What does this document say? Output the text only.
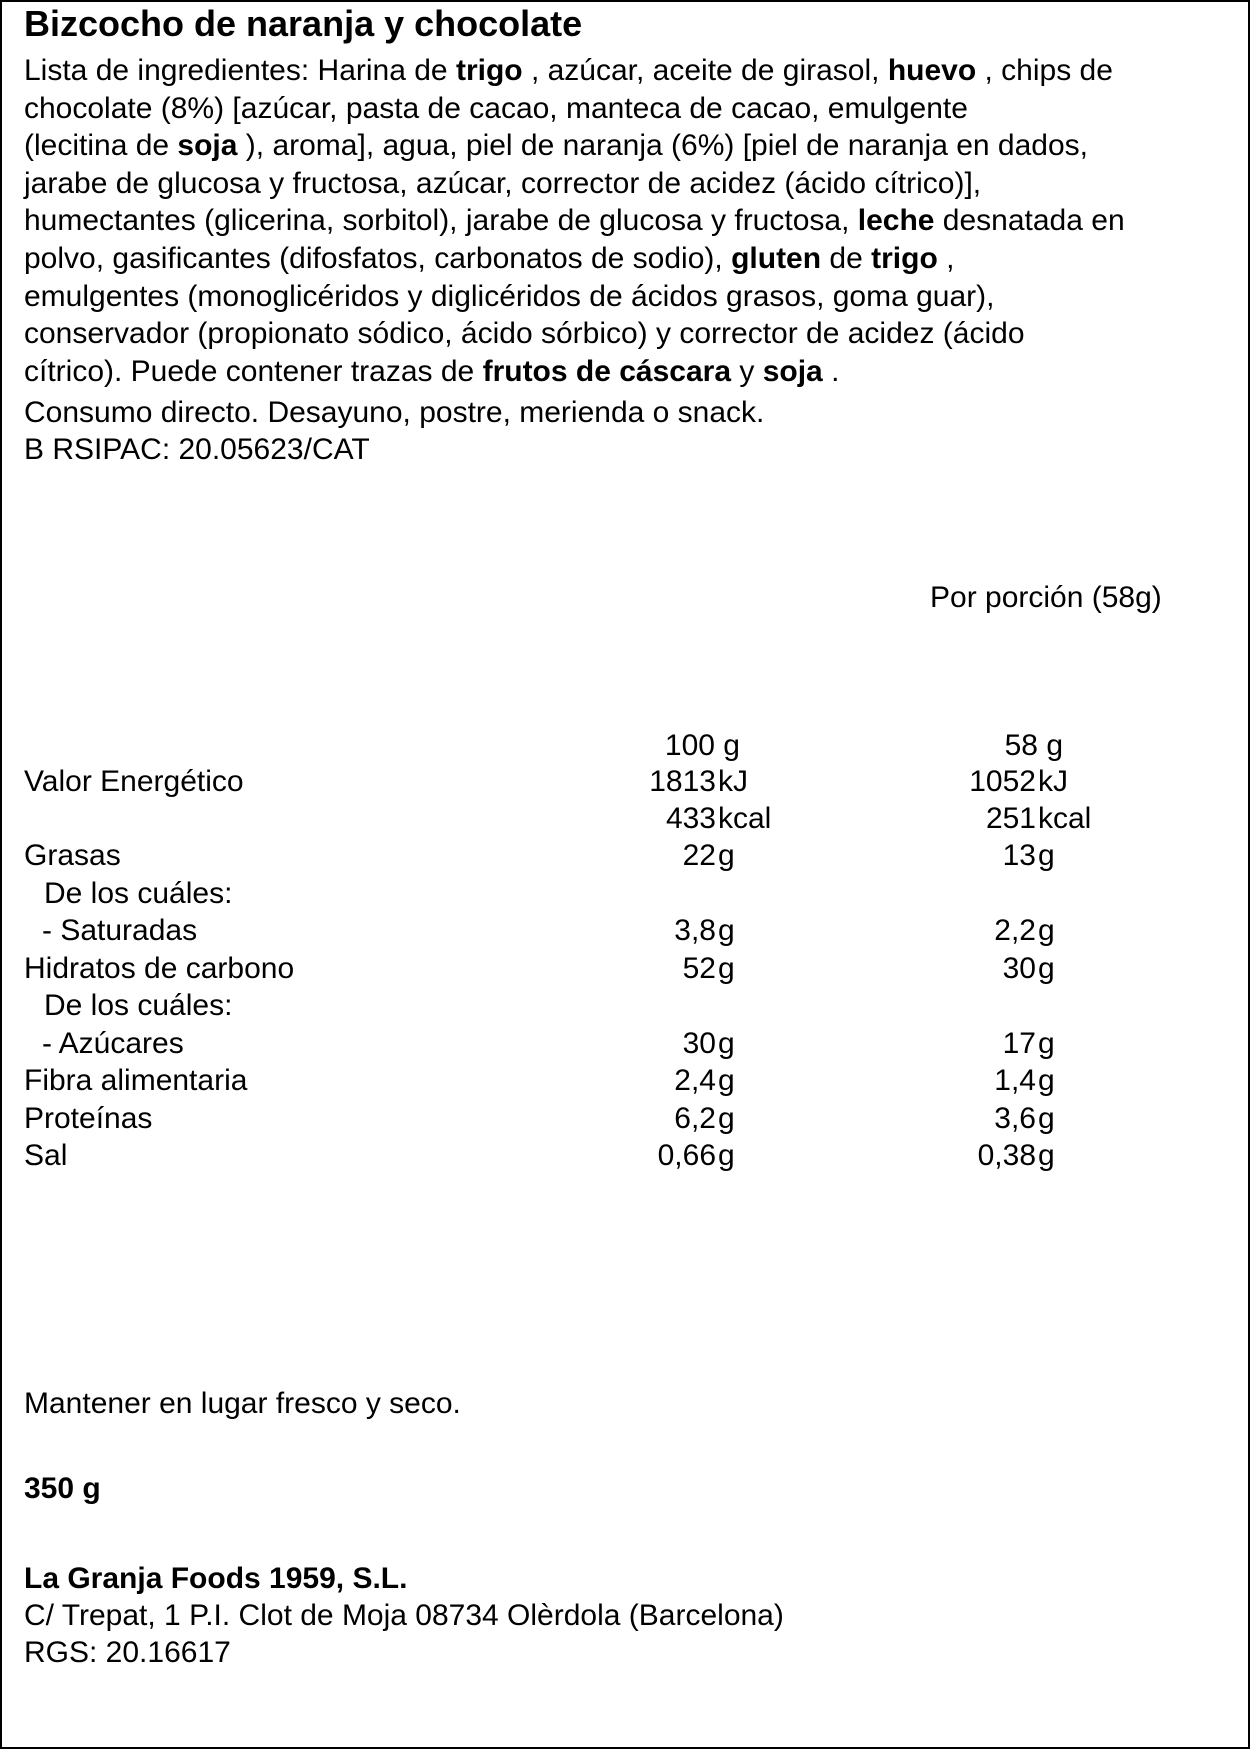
Bizcocho de naranja y chocolate
Lista de ingredientes: Harina de trigo , azúcar, aceite de girasol, huevo , chips de
chocolate (8%) [azúcar, pasta de cacao, manteca de cacao, emulgente
(lecitina de soja ), aroma], agua, piel de naranja (6%) [piel de naranja en dados,
jarabe de glucosa y fructosa, azúcar, corrector de acidez (ácido cítrico)],
humectantes (glicerina, sorbitol), jarabe de glucosa y fructosa, leche desnatada en
polvo, gasificantes (difosfatos, carbonatos de sodio), gluten de trigo ,
emulgentes (monoglicéridos y diglicéridos de ácidos grasos, goma guar),
conservador (propionato sódico, ácido sórbico) y corrector de acidez (ácido
cítrico). Puede contener trazas de frutos de cáscara y soja .
Consumo directo. Desayuno, postre, merienda o snack.
B RSIPAC: 20.05623/CAT
Por porción (58g)
100 g	58 g
Valor Energético	1813 kJ	1052 kJ
433 kcal	251 kcal
Grasas	22 g	13 g
De los cuáles:
- Saturadas	3,8 g	2,2 g
Hidratos de carbono	52 g	30 g
De los cuáles:
- Azúcares	30 g	17 g
Fibra alimentaria	2,4 g	1,4 g
Proteínas	6,2 g	3,6 g
Sal	0,66 g	0,38 g
Mantener en lugar fresco y seco.
350 g
La Granja Foods 1959, S.L.
C/ Trepat, 1 P.I. Clot de Moja 08734 Olèrdola (Barcelona)
RGS: 20.16617
